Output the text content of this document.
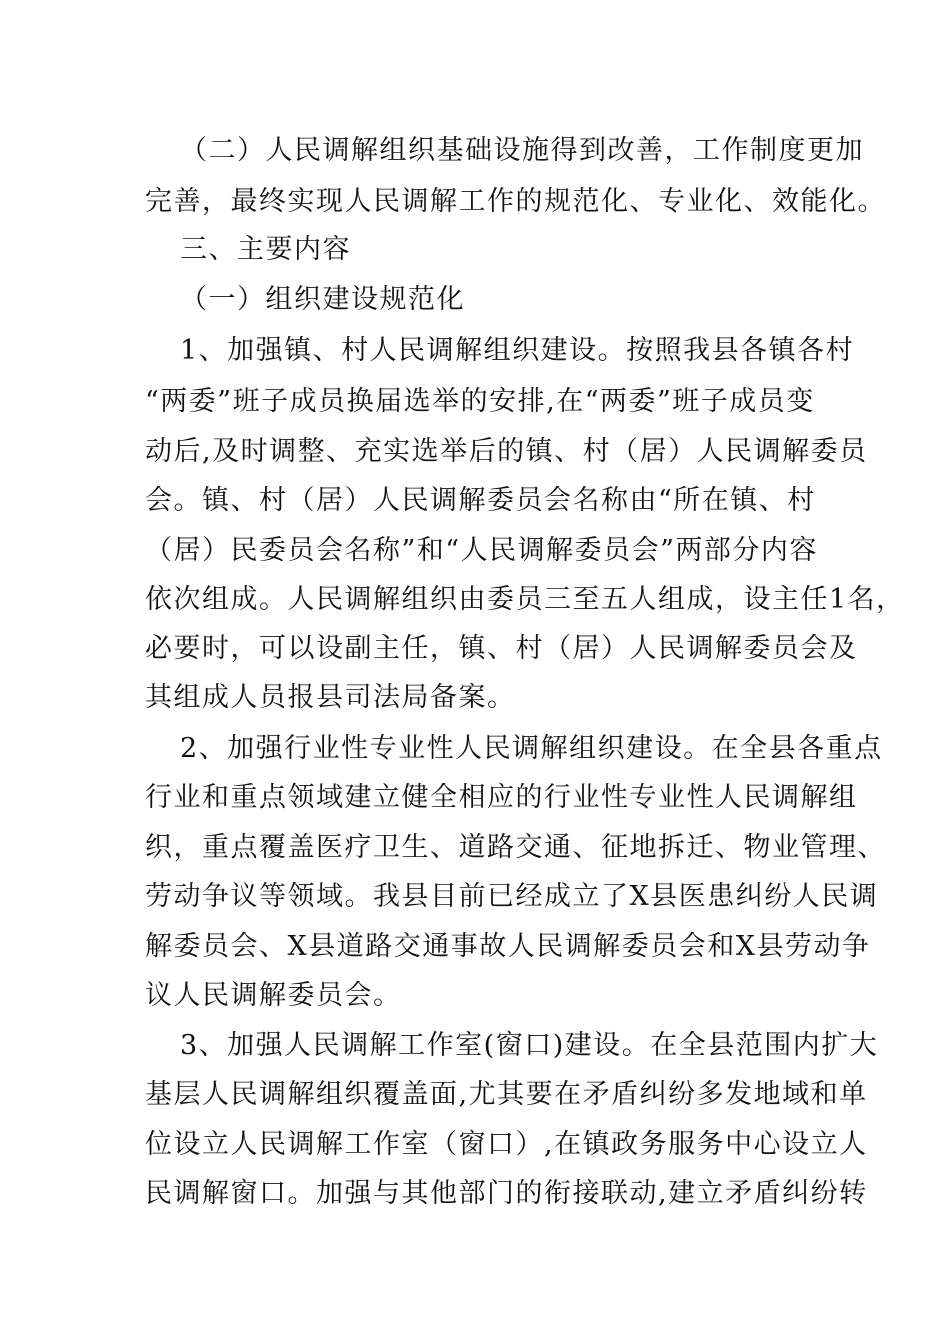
（二）人民调解组织基础设施得到改善，工作制度更加
完善，最终实现人民调解工作的规范化、专业化、效能化。
三、主要内容
（一）组织建设规范化
1、加强镇、村人民调解组织建设。按照我县各镇各村
“两委”班子成员换届选举的安排,在“两委”班子成员变
动后,及时调整、充实选举后的镇、村（居）人民调解委员
会。镇、村（居）人民调解委员会名称由“所在镇、村
（居）民委员会名称”和“人民调解委员会”两部分内容
依次组成。人民调解组织由委员三至五人组成，设主任1名，
必要时，可以设副主任，镇、村（居）人民调解委员会及
其组成人员报县司法局备案。
2、加强行业性专业性人民调解组织建设。在全县各重点
行业和重点领域建立健全相应的行业性专业性人民调解组
织，重点覆盖医疗卫生、道路交通、征地拆迁、物业管理、
劳动争议等领域。我县目前已经成立了X县医患纠纷人民调
解委员会、X县道路交通事故人民调解委员会和X县劳动争
议人民调解委员会。
3、加强人民调解工作室(窗口)建设。在全县范围内扩大
基层人民调解组织覆盖面,尤其要在矛盾纠纷多发地域和单
位设立人民调解工作室（窗口）,在镇政务服务中心设立人
民调解窗口。加强与其他部门的衔接联动,建立矛盾纠纷转
